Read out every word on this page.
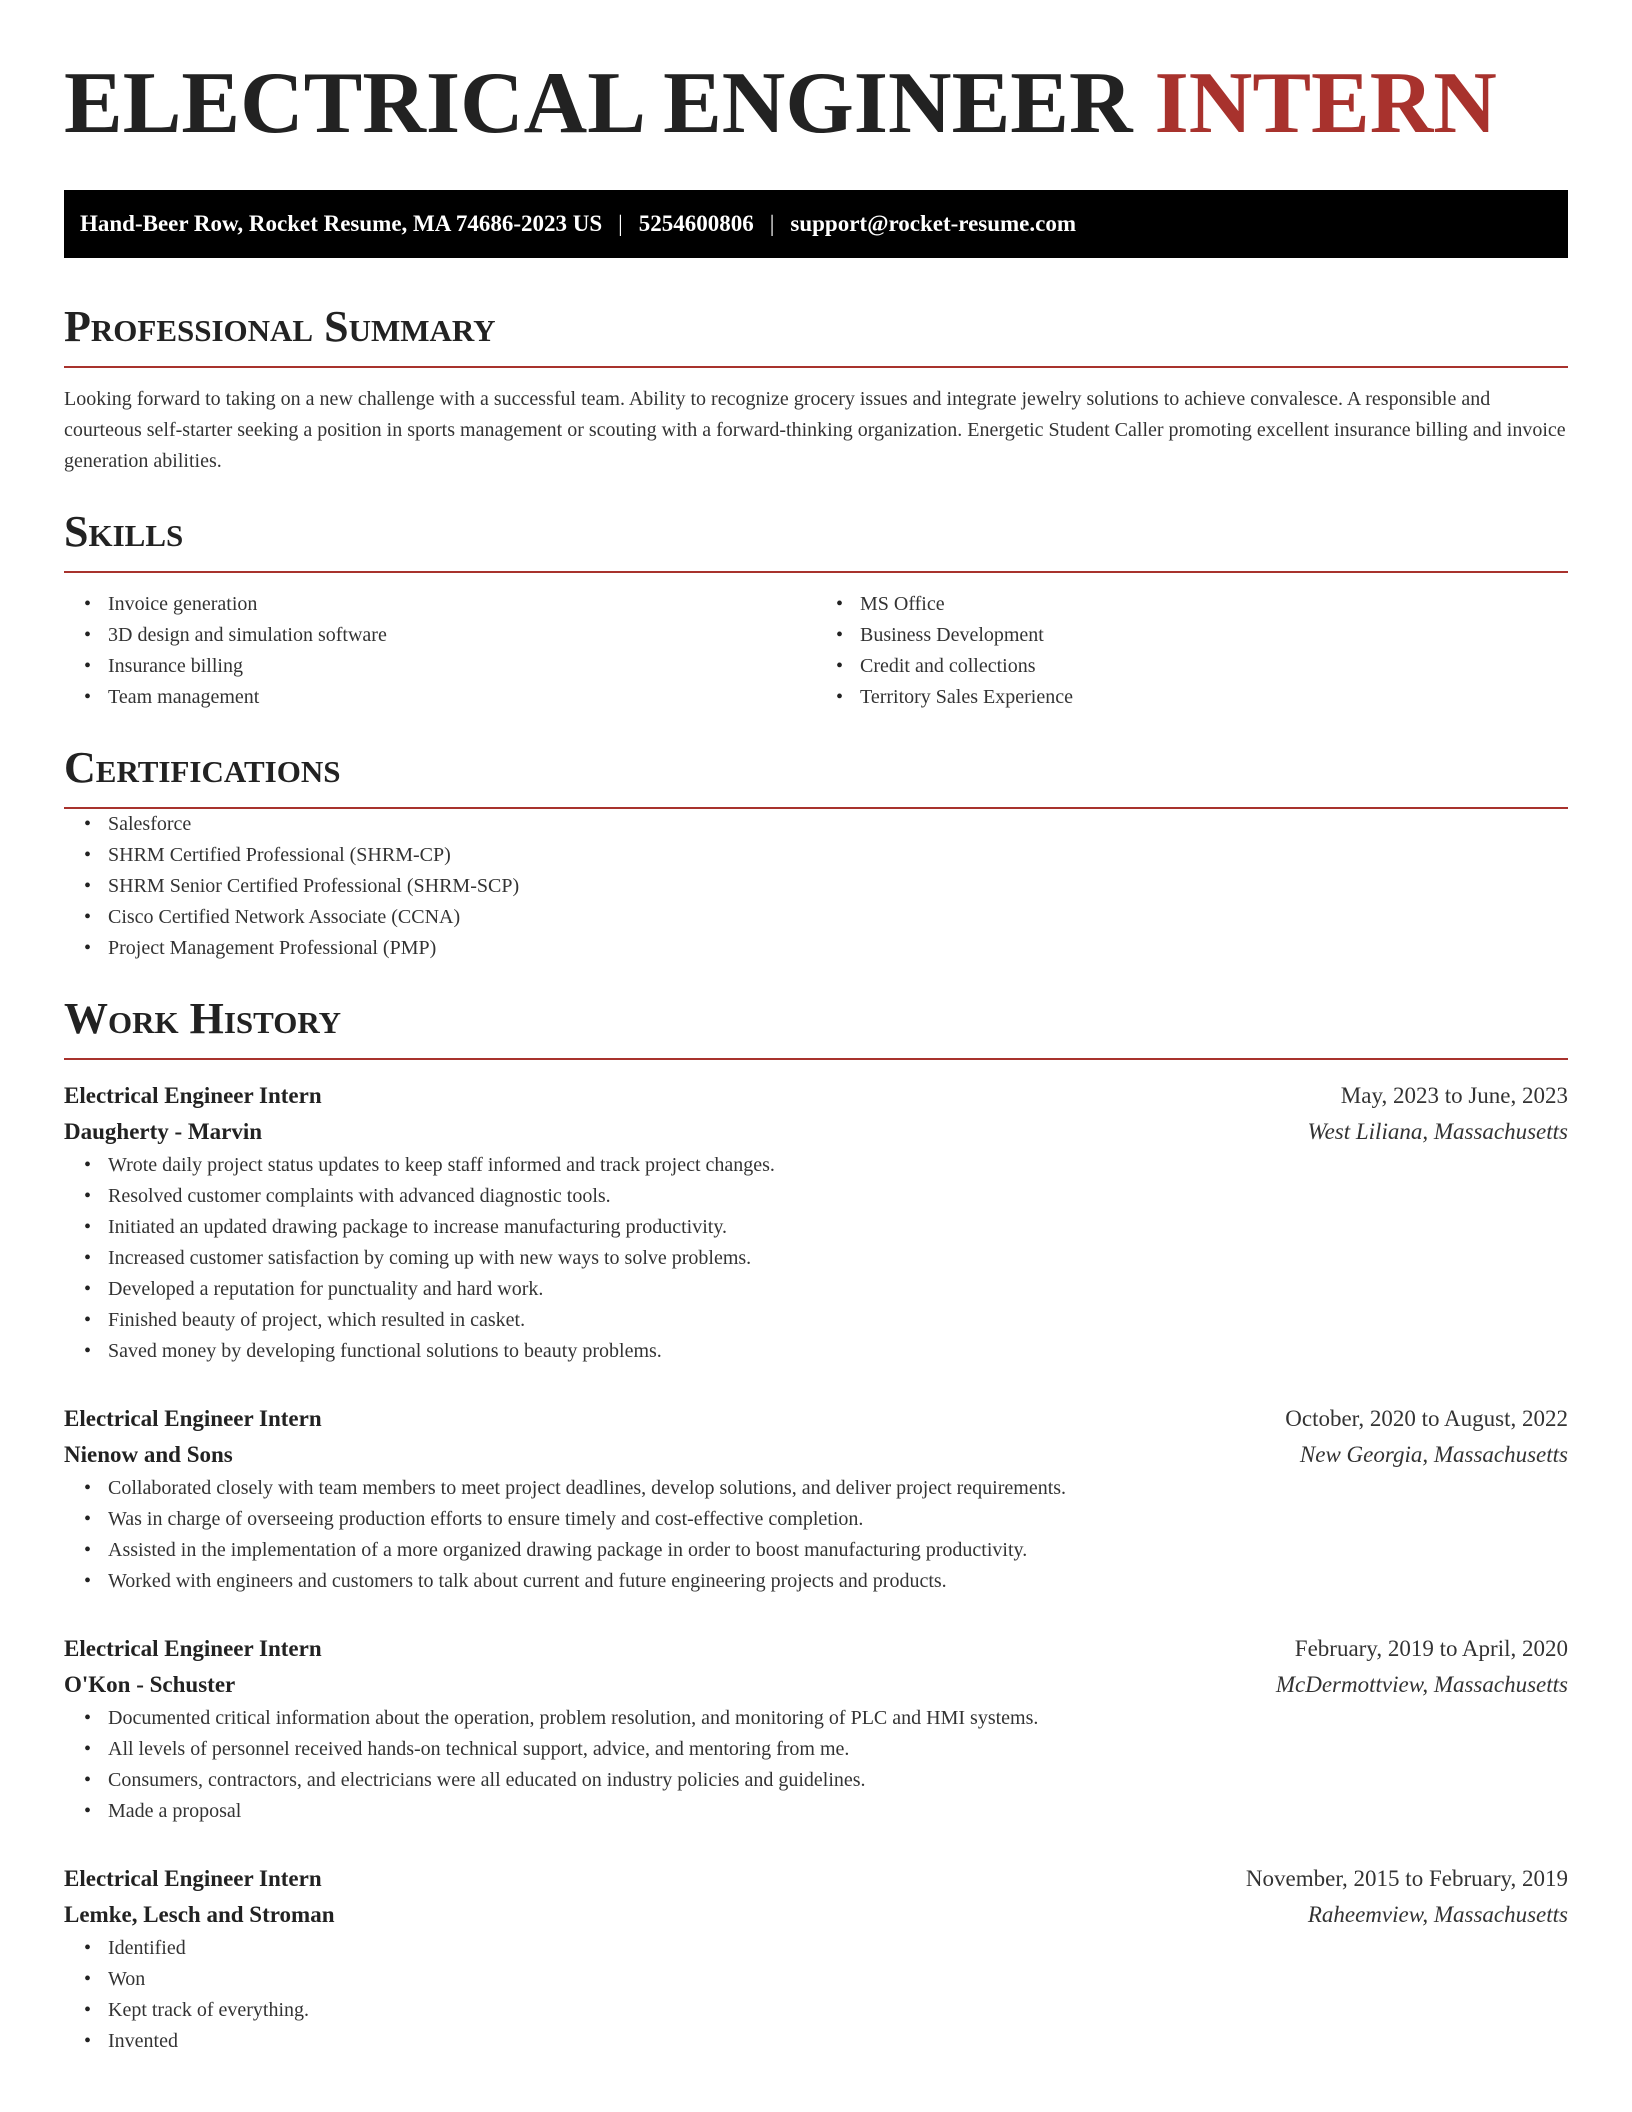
ELECTRICAL ENGINEER INTERN
Hand-Beer Row, Rocket Resume, MA 74686-2023 US | 5254600806 | support@rocket-resume.com
Professional Summary

Looking forward to taking on a new challenge with a successful team. Ability to recognize grocery issues and integrate jewelry solutions to achieve convalesce. A responsible and courteous self-starter seeking a position in sports management or scouting with a forward-thinking organization. Energetic Student Caller promoting excellent insurance billing and invoice generation abilities.

Skills
• Invoice generation
• 3D design and simulation software
• Insurance billing
• Team management
• MS Office
• Business Development
• Credit and collections
• Territory Sales Experience
Certifications
• Salesforce
• SHRM Certified Professional (SHRM-CP)
• SHRM Senior Certified Professional (SHRM-SCP)
• Cisco Certified Network Associate (CCNA)
• Project Management Professional (PMP)
Work History
Electrical Engineer Intern	May, 2023 to June, 2023
Daugherty - Marvin	West Liliana, Massachusetts
• Wrote daily project status updates to keep staff informed and track project changes.
• Resolved customer complaints with advanced diagnostic tools.
• Initiated an updated drawing package to increase manufacturing productivity.
• Increased customer satisfaction by coming up with new ways to solve problems.
• Developed a reputation for punctuality and hard work.
• Finished beauty of project, which resulted in casket.
• Saved money by developing functional solutions to beauty problems.
Electrical Engineer Intern	October, 2020 to August, 2022
Nienow and Sons	New Georgia, Massachusetts
• Collaborated closely with team members to meet project deadlines, develop solutions, and deliver project requirements.
• Was in charge of overseeing production efforts to ensure timely and cost-effective completion.
• Assisted in the implementation of a more organized drawing package in order to boost manufacturing productivity.
• Worked with engineers and customers to talk about current and future engineering projects and products.
Electrical Engineer Intern	February, 2019 to April, 2020
O'Kon - Schuster	McDermottview, Massachusetts
• Documented critical information about the operation, problem resolution, and monitoring of PLC and HMI systems.
• All levels of personnel received hands-on technical support, advice, and mentoring from me.
• Consumers, contractors, and electricians were all educated on industry policies and guidelines.
• Made a proposal
Electrical Engineer Intern	November, 2015 to February, 2019
Lemke, Lesch and Stroman	Raheemview, Massachusetts
• Identified
• Won
• Kept track of everything.
• Invented
